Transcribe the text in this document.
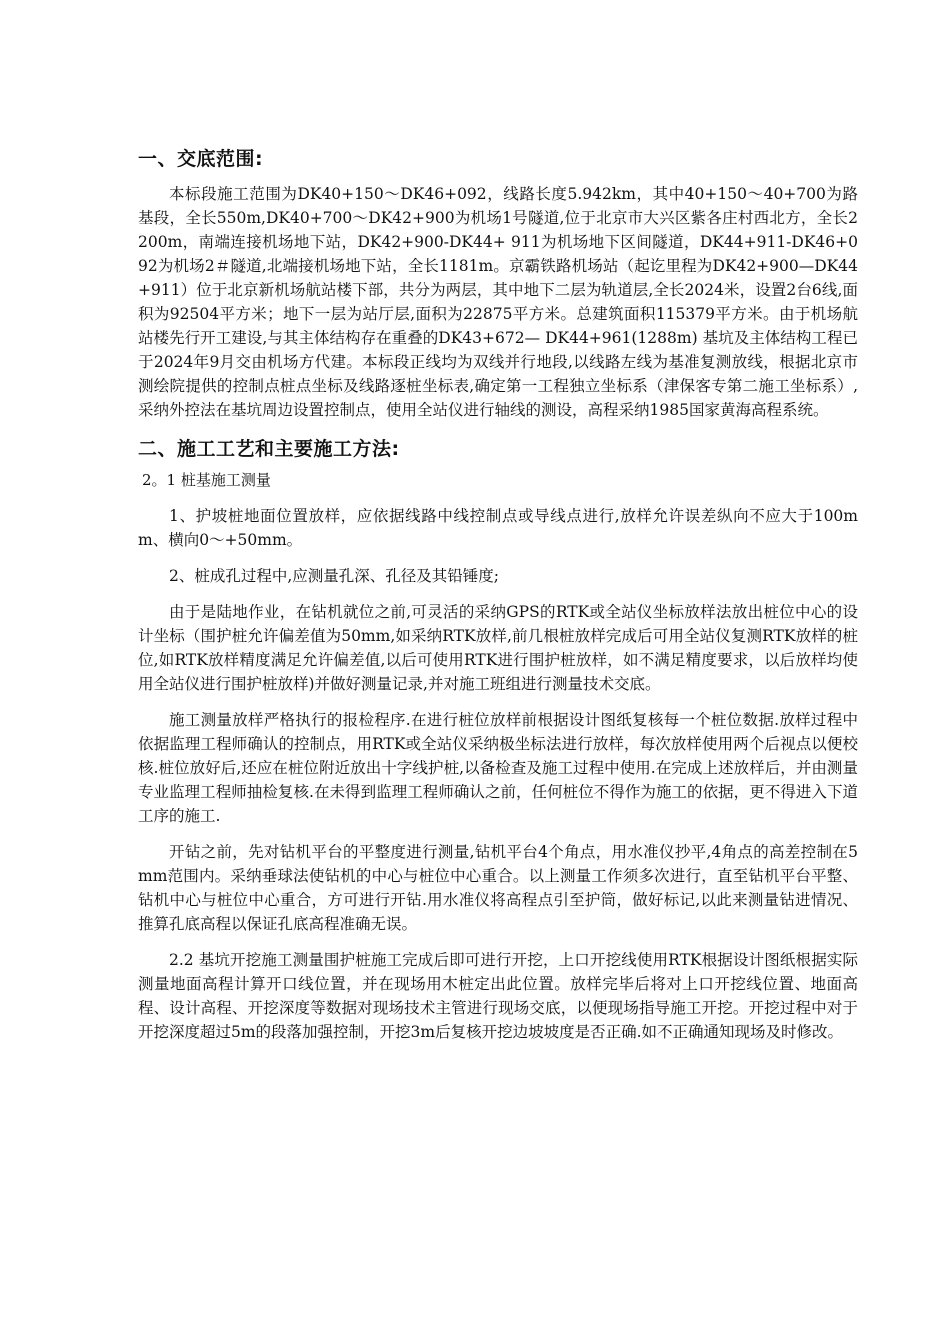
一、交底范围:

本标段施工范围为DK40+150～DK46+092，线路长度5.942km，其中40+150～40+700为路基段，全长550m,DK40+700～DK42+900为机场1号隧道,位于北京市大兴区紫各庄村西北方，全长2200m，南端连接机场地下站，DK42+900-DK44+ 911为机场地下区间隧道，DK44+911-DK46+092为机场2＃隧道,北端接机场地下站，全长1181m。京霸铁路机场站（起讫里程为DK42+900—DK44+911）位于北京新机场航站楼下部，共分为两层，其中地下二层为轨道层,全长2024米，设置2台6线,面积为92504平方米；地下一层为站厅层,面积为22875平方米。总建筑面积115379平方米。由于机场航站楼先行开工建设,与其主体结构存在重叠的DK43+672— DK44+961(1288m) 基坑及主体结构工程已于2024年9月交由机场方代建。本标段正线均为双线并行地段,以线路左线为基准复测放线，根据北京市测绘院提供的控制点桩点坐标及线路逐桩坐标表,确定第一工程独立坐标系（津保客专第二施工坐标系）,采纳外控法在基坑周边设置控制点，使用全站仪进行轴线的测设，高程采纳1985国家黄海高程系统。

二、施工工艺和主要施工方法:

2。1 桩基施工测量

1、护坡桩地面位置放样，应依据线路中线控制点或导线点进行,放样允许误差纵向不应大于100mm、横向0～+50mm。

2、桩成孔过程中,应测量孔深、孔径及其铅锤度;

由于是陆地作业，在钻机就位之前,可灵活的采纳GPS的RTK或全站仪坐标放样法放出桩位中心的设计坐标（围护桩允许偏差值为50mm,如采纳RTK放样,前几根桩放样完成后可用全站仪复测RTK放样的桩位,如RTK放样精度满足允许偏差值,以后可使用RTK进行围护桩放样，如不满足精度要求，以后放样均使用全站仪进行围护桩放样)并做好测量记录,并对施工班组进行测量技术交底。

施工测量放样严格执行的报检程序.在进行桩位放样前根据设计图纸复核每一个桩位数据.放样过程中依据监理工程师确认的控制点，用RTK或全站仪采纳极坐标法进行放样，每次放样使用两个后视点以便校核.桩位放好后,还应在桩位附近放出十字线护桩,以备检查及施工过程中使用.在完成上述放样后，并由测量专业监理工程师抽检复核.在未得到监理工程师确认之前，任何桩位不得作为施工的依据，更不得进入下道工序的施工.

开钻之前，先对钻机平台的平整度进行测量,钻机平台4个角点，用水准仪抄平,4角点的高差控制在5mm范围内。采纳垂球法使钻机的中心与桩位中心重合。以上测量工作须多次进行，直至钻机平台平整、钻机中心与桩位中心重合，方可进行开钻.用水准仪将高程点引至护筒，做好标记,以此来测量钻进情况、推算孔底高程以保证孔底高程准确无误。

2.2 基坑开挖施工测量围护桩施工完成后即可进行开挖，上口开挖线使用RTK根据设计图纸根据实际测量地面高程计算开口线位置，并在现场用木桩定出此位置。放样完毕后将对上口开挖线位置、地面高程、设计高程、开挖深度等数据对现场技术主管进行现场交底，以便现场指导施工开挖。开挖过程中对于开挖深度超过5m的段落加强控制，开挖3m后复核开挖边坡坡度是否正确.如不正确通知现场及时修改。
